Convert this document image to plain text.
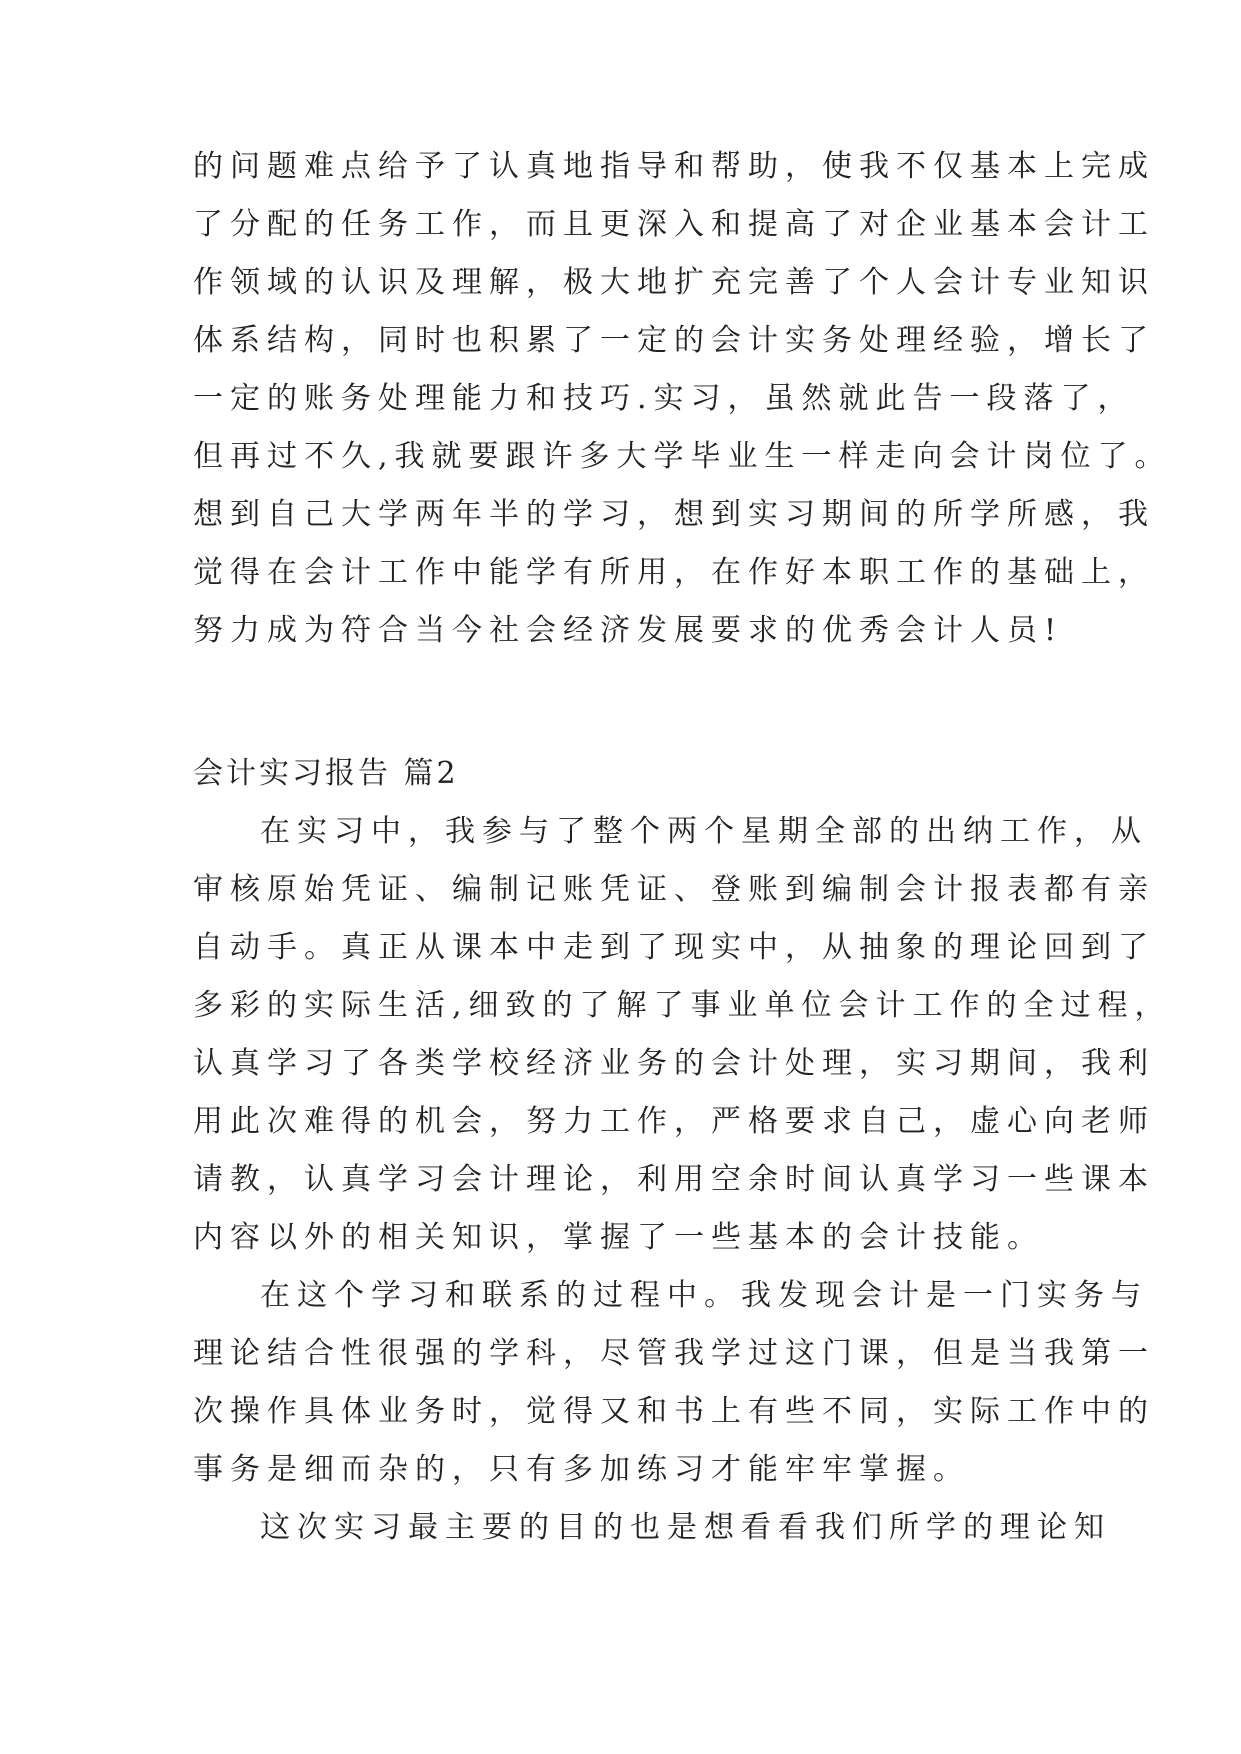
的问题难点给予了认真地指导和帮助，使我不仅基本上完成
了分配的任务工作，而且更深入和提高了对企业基本会计工
作领域的认识及理解，极大地扩充完善了个人会计专业知识
体系结构，同时也积累了一定的会计实务处理经验，增长了
一定的账务处理能力和技巧.实习，虽然就此告一段落了，
但再过不久,我就要跟许多大学毕业生一样走向会计岗位了。
想到自己大学两年半的学习，想到实习期间的所学所感，我
觉得在会计工作中能学有所用，在作好本职工作的基础上，
努力成为符合当今社会经济发展要求的优秀会计人员!
会计实习报告 篇2
在实习中，我参与了整个两个星期全部的出纳工作，从
审核原始凭证、编制记账凭证、登账到编制会计报表都有亲
自动手。真正从课本中走到了现实中，从抽象的理论回到了
多彩的实际生活,细致的了解了事业单位会计工作的全过程，
认真学习了各类学校经济业务的会计处理，实习期间，我利
用此次难得的机会，努力工作，严格要求自己，虚心向老师
请教，认真学习会计理论，利用空余时间认真学习一些课本
内容以外的相关知识，掌握了一些基本的会计技能。
在这个学习和联系的过程中。我发现会计是一门实务与
理论结合性很强的学科，尽管我学过这门课，但是当我第一
次操作具体业务时，觉得又和书上有些不同，实际工作中的
事务是细而杂的，只有多加练习才能牢牢掌握。
这次实习最主要的目的也是想看看我们所学的理论知
